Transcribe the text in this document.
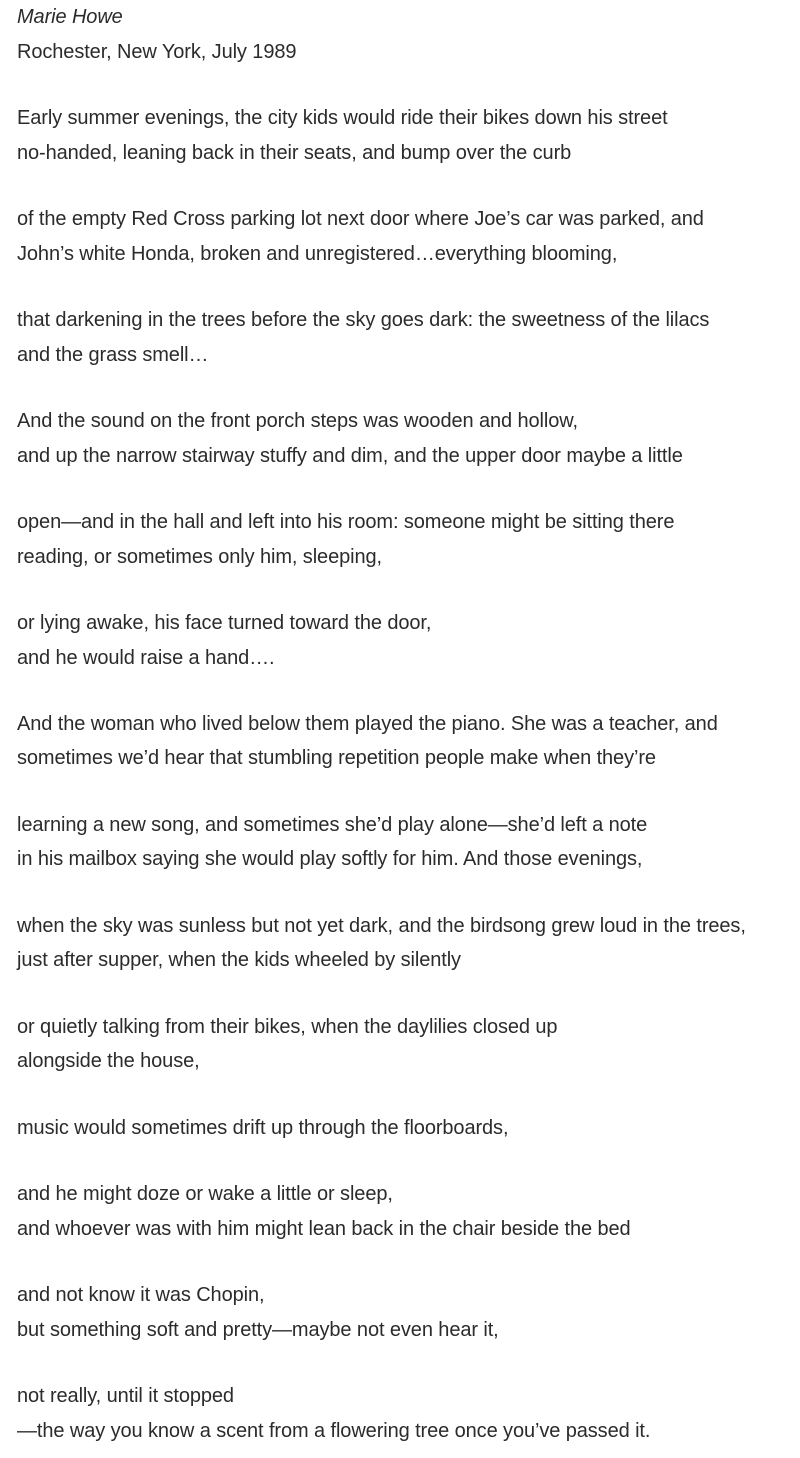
Marie Howe
Rochester, New York, July 1989
Early summer evenings, the city kids would ride their bikes down his street
no-handed, leaning back in their seats, and bump over the curb
of the empty Red Cross parking lot next door where Joe’s car was parked, and
John’s white Honda, broken and unregistered…everything blooming,
that darkening in the trees before the sky goes dark: the sweetness of the lilacs
and the grass smell…
And the sound on the front porch steps was wooden and hollow,
and up the narrow stairway stuffy and dim, and the upper door maybe a little
open—and in the hall and left into his room: someone might be sitting there
reading, or sometimes only him, sleeping,
or lying awake, his face turned toward the door,
and he would raise a hand….
And the woman who lived below them played the piano. She was a teacher, and
sometimes we’d hear that stumbling repetition people make when they’re
learning a new song, and sometimes she’d play alone—she’d left a note
in his mailbox saying she would play softly for him. And those evenings,
when the sky was sunless but not yet dark, and the birdsong grew loud in the trees,
just after supper, when the kids wheeled by silently
or quietly talking from their bikes, when the daylilies closed up
alongside the house,
music would sometimes drift up through the floorboards,
and he might doze or wake a little or sleep,
and whoever was with him might lean back in the chair beside the bed
and not know it was Chopin,
but something soft and pretty—maybe not even hear it,
not really, until it stopped
—the way you know a scent from a flowering tree once you’ve passed it.
